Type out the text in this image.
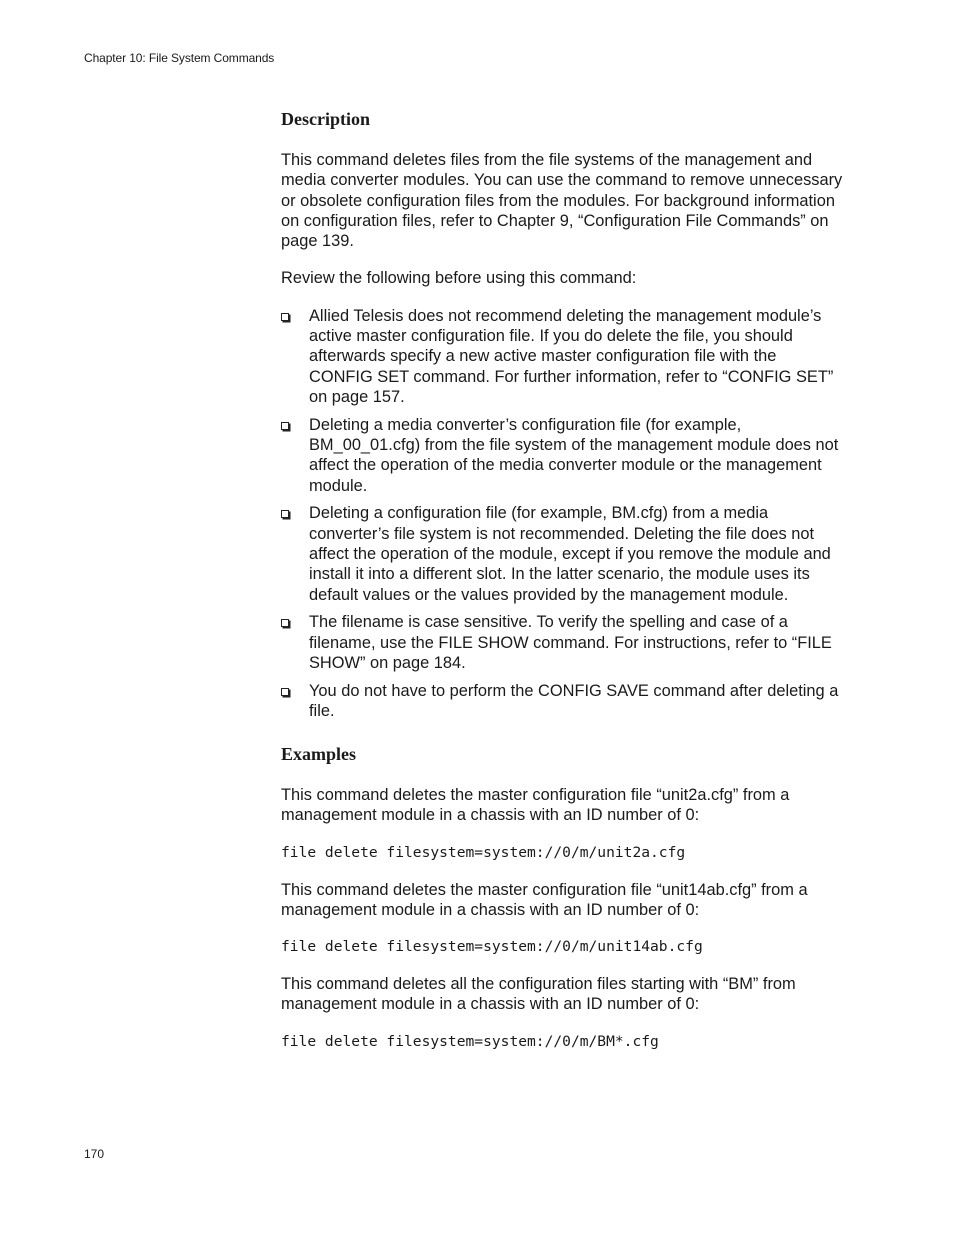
Chapter 10: File System Commands
Description

This command deletes files from the file systems of the management and media converter modules. You can use the command to remove unnecessary or obsolete configuration files from the modules. For background information on configuration files, refer to Chapter 9, “Configuration File Commands” on page 139.

Review the following before using this command:

Allied Telesis does not recommend deleting the management module’s active master configuration file. If you do delete the file, you should afterwards specify a new active master configuration file with the CONFIG SET command. For further information, refer to “CONFIG SET” on page 157.
Deleting a media converter’s configuration file (for example, BM_00_01.cfg) from the file system of the management module does not affect the operation of the media converter module or the management module.
Deleting a configuration file (for example, BM.cfg) from a media converter’s file system is not recommended. Deleting the file does not affect the operation of the module, except if you remove the module and install it into a different slot. In the latter scenario, the module uses its default values or the values provided by the management module.
The filename is case sensitive. To verify the spelling and case of a filename, use the FILE SHOW command. For instructions, refer to “FILE SHOW” on page 184.
You do not have to perform the CONFIG SAVE command after deleting a file.
Examples

This command deletes the master configuration file “unit2a.cfg” from a management module in a chassis with an ID number of 0:

file delete filesystem=system://0/m/unit2a.cfg

This command deletes the master configuration file “unit14ab.cfg” from a management module in a chassis with an ID number of 0:

file delete filesystem=system://0/m/unit14ab.cfg

This command deletes all the configuration files starting with “BM” from management module in a chassis with an ID number of 0:

file delete filesystem=system://0/m/BM*.cfg
170
